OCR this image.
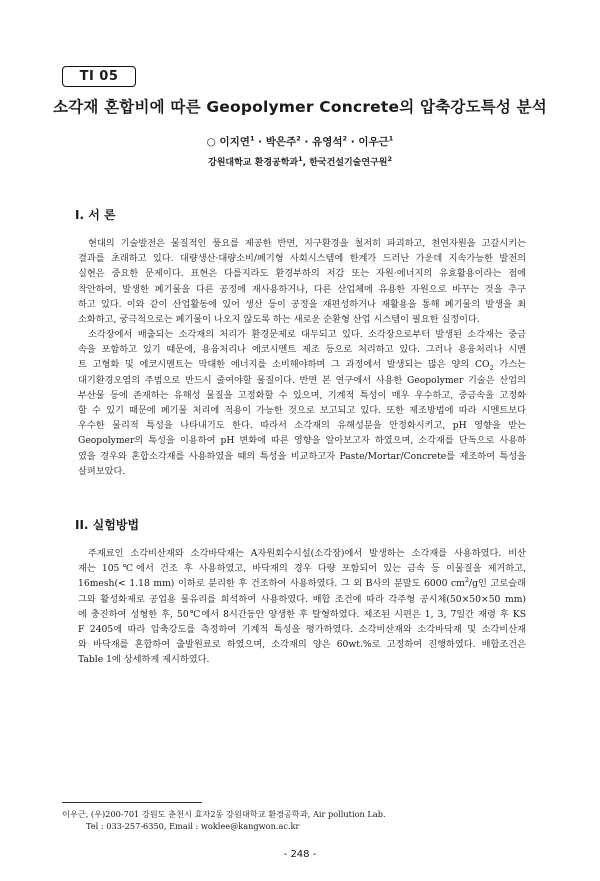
TI 05
소각재 혼합비에 따른 Geopolymer Concrete의 압축강도특성 분석
○ 이지연$^1$ · 박은주$^2$ · 유영석$^2$ · 이우근$^1$
강원대학교 환경공학과$^1$, 한국건설기술연구원$^2$
I. 서 론
현대의 기술발전은 물질적인 풍요를 제공한 반면, 지구환경을 철저히 파괴하고, 천연자원을 고갈시키는
결과를 초래하고 있다. 대량생산·대량소비/폐기형 사회시스템에 한계가 드러난 가운데 지속가능한 발전의
실현은 중요한 문제이다. 표현은 다를지라도 환경부하의 저감 또는 자원·에너지의 유효활용이라는 점에
착안하여, 발생한 폐기물을 다른 공정에 재사용하거나, 다른 산업체에 유용한 자원으로 바꾸는 것을 추구
하고 있다. 이와 같이 산업활동에 있어 생산 등이 공정을 재편성하거나 재활용을 통해 폐기물의 발생을 최
소화하고, 궁극적으로는 폐기물이 나오지 않도록 하는 새로운 순환형 산업 시스템이 필요한 실정이다.
소각장에서 배출되는 소각재의 처리가 환경문제로 대두되고 있다. 소각장으로부터 발생된 소각재는 중금
속을 포함하고 있기 때문에, 용융처리나 에코시멘트 제조 등으로 처리하고 있다. 그러나 용융처리나 시멘
트 고형화 및 에코시멘트는 막대한 에너지를 소비해야하며 그 과정에서 발생되는 많은 양의 $CO_2$ 가스는
대기환경오염의 주범으로 반드시 줄여야할 물질이다. 반면 본 연구에서 사용한 Geopolymer 기술은 산업의
부산물 등에 존재하는 유해성 물질을 고정화할 수 있으며, 기계적 특성이 매우 우수하고, 중금속을 고정화
할 수 있기 때문에 폐기물 처리에 적용이 가능한 것으로 보고되고 있다. 또한 제조방법에 따라 시멘트보다
우수한 물리적 특성을 나타내기도 한다. 따라서 소각재의 유해성분을 안정화시키고, pH 영향을 받는
Geopolymer의 특성을 이용하여 pH 변화에 따른 영향을 알아보고자 하였으며, 소각재를 단독으로 사용하
였을 경우와 혼합소각재를 사용하였을 때의 특성을 비교하고자 Paste/Mortar/Concrete를 제조하여 특성을
살펴보았다.
II. 실험방법
주재료인 소각비산재와 소각바닥재는 A자원회수시설(소각장)에서 발생하는 소각재를 사용하였다. 비산
재는 105℃에서 건조 후 사용하였고, 바닥재의 경우 다량 포함되어 있는 금속 등 이물질을 제거하고,
16mesh(< 1.18 mm) 이하로 분리한 후 건조하여 사용하였다. 그 외 B사의 분말도 6000 $cm^2/g$인 고로슬래
그와 활성화제로 공업용 물유리를 희석하여 사용하였다. 배합 조건에 따라 각주형 공시체(50×50×50 mm)
에 충진하여 성형한 후, 50℃에서 8시간동안 양생한 후 탈형하였다. 제조된 시편은 1, 3, 7일간 재령 후 KS
F 2405에 따라 압축강도를 측정하여 기계적 특성을 평가하였다. 소각비산재와 소각바닥재 및 소각비산재
와 바닥재를 혼합하여 출발원료로 하였으며, 소각재의 양은 60wt.%로 고정하여 진행하였다. 배합조건은
Table 1에 상세하게 제시하였다.
이우근, (우)200-701 강원도 춘천시 효자2동 강원대학교 환경공학과, Air pollution Lab.
Tel : 033-257-6350, Email : woklee@kangwon.ac.kr
- 248 -
